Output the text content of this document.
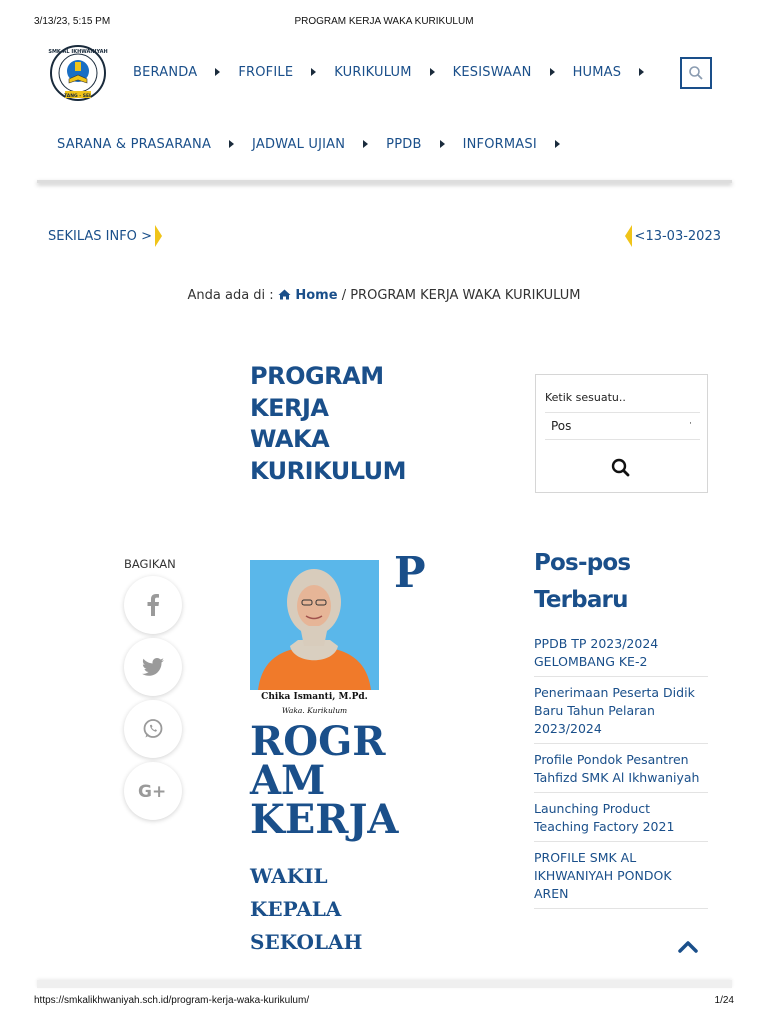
3/13/23, 5:15 PM	PROGRAM KERJA WAKA KURIKULUM
SMK AL IKHWANIYAH
TANG - SEL
BERANDA	FROFILE	KURIKULUM	KESISWAAN	HUMAS
SARANA & PRASARANA	JADWAL UJIAN	PPDB	INFORMASI
SEKILAS INFO
>	< 13-03-2023
Anda ada di : Home / PROGRAM KERJA WAKA KURIKULUM
PROGRAM
KERJA
WAKA
KURIKULUM
Ketik sesuatu..
Pos	‧
BAGIKAN
G+
Chika Ismanti, M.Pd.
Waka. Kurikulum
P
ROGR
AM
KERJA
WAKIL
KEPALA
SEKOLAH
Pos-pos
Terbaru
PPDB TP 2023/2024 GELOMBANG KE-2
Penerimaan Peserta Didik Baru Tahun Pelaran 2023/2024
Profile Pondok Pesantren Tahfizd SMK Al Ikhwaniyah
Launching Product Teaching Factory 2021
PROFILE SMK AL IKHWANIYAH PONDOK AREN
https://smkalikhwaniyah.sch.id/program-kerja-waka-kurikulum/	1/24
